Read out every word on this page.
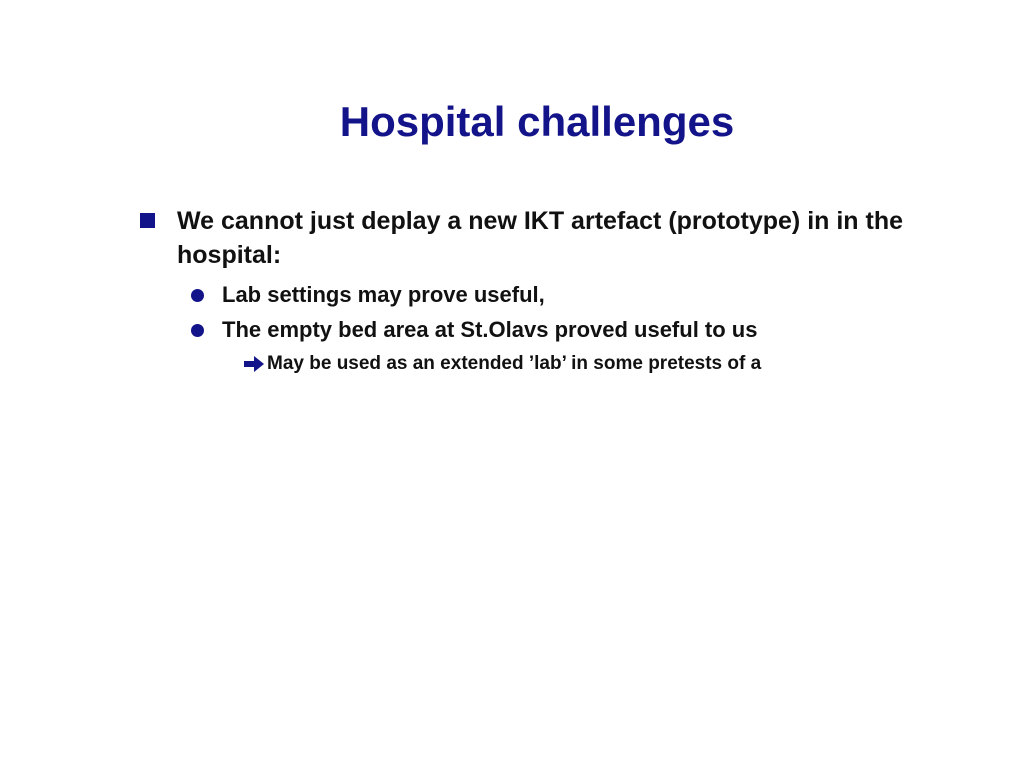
Hospital challenges
We cannot just deplay a new IKT artefact (prototype) in in the hospital:
Lab settings may prove useful,
The empty bed area at St.Olavs proved useful to us
May be used as an extended ’lab’ in some pretests of a
